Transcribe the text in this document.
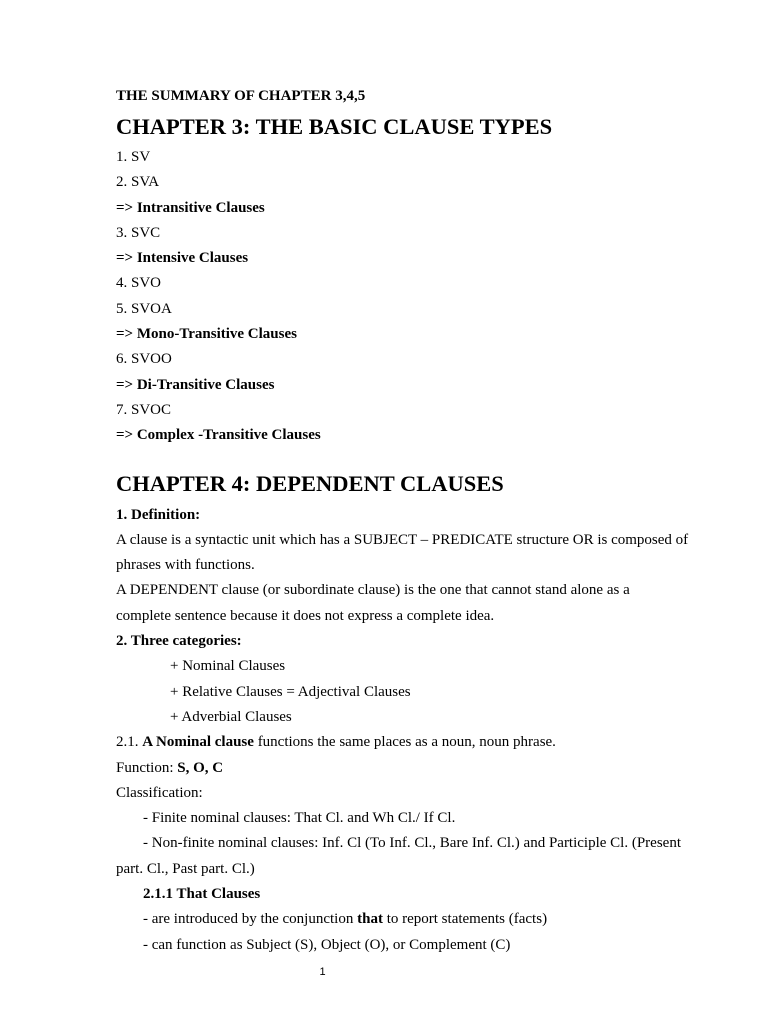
THE SUMMARY OF CHAPTER 3,4,5

CHAPTER 3: THE BASIC CLAUSE TYPES

1. SV

2. SVA

=> Intransitive Clauses

3. SVC

=> Intensive Clauses

4. SVO

5. SVOA

=> Mono-Transitive Clauses

6. SVOO

=> Di-Transitive Clauses

7. SVOC

=> Complex -Transitive Clauses

CHAPTER 4: DEPENDENT CLAUSES

1. Definition:

A clause is a syntactic unit which has a SUBJECT – PREDICATE structure OR is composed of

phrases with functions.

A DEPENDENT clause (or subordinate clause) is the one that cannot stand alone as a

complete sentence because it does not express a complete idea.

2. Three categories:

+ Nominal Clauses

+ Relative Clauses = Adjectival Clauses

+ Adverbial Clauses

2.1. A Nominal clause functions the same places as a noun, noun phrase.

Function: S, O, C

Classification:

- Finite nominal clauses: That Cl. and Wh Cl./ If Cl.

- Non-finite nominal clauses: Inf. Cl (To Inf. Cl., Bare Inf. Cl.) and Participle Cl. (Present

part. Cl., Past part. Cl.)

2.1.1 That Clauses

- are introduced by the conjunction that to report statements (facts)

- can function as Subject (S), Object (O), or Complement (C)

1
